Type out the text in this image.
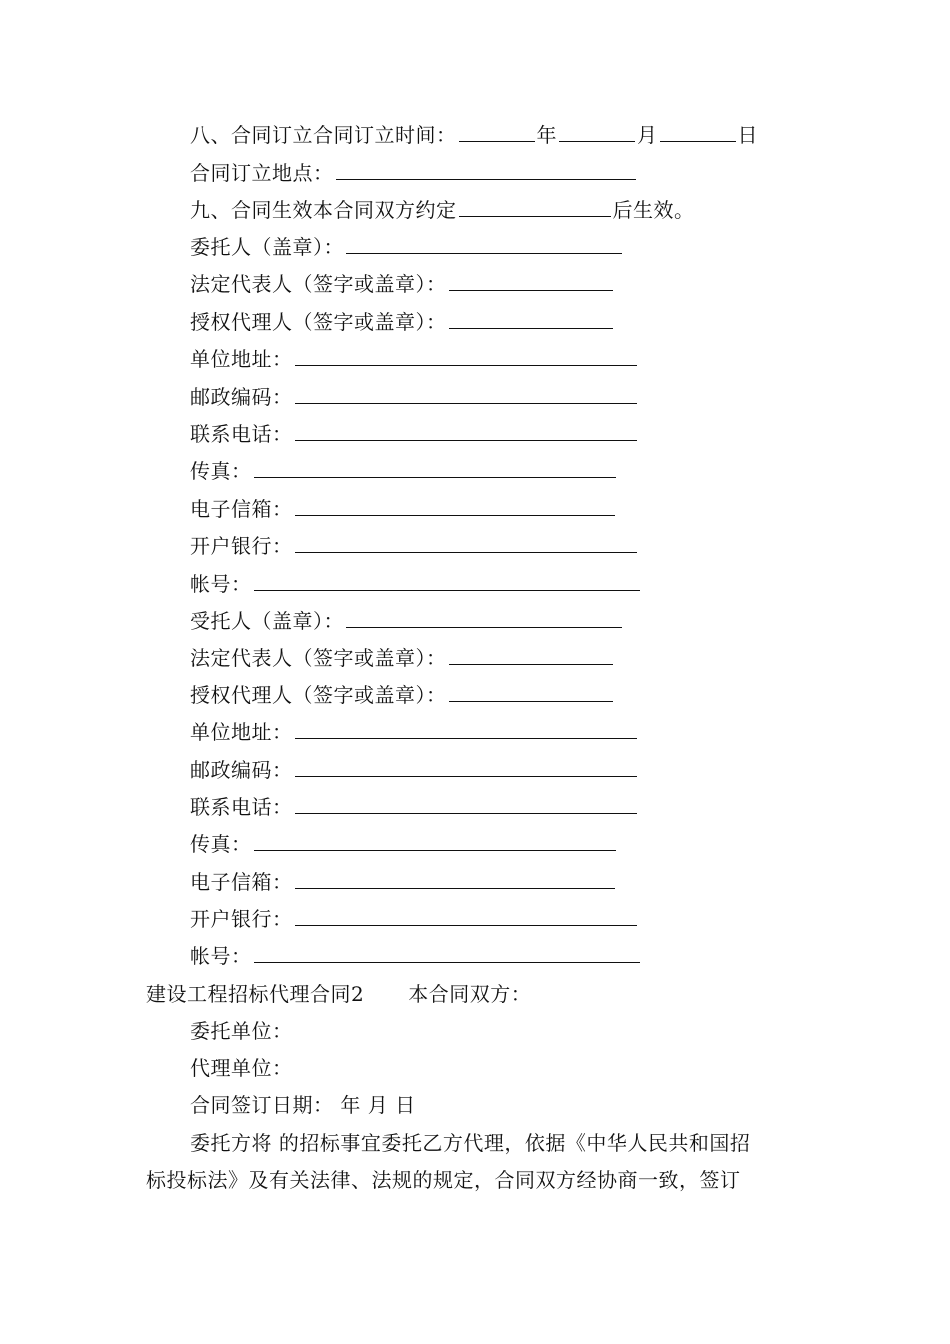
八、合同订立合同订立时间：	年	月	日
合同订立地点：
九、合同生效本合同双方约定	后生效。
委托人（盖章）：
法定代表人（签字或盖章）：
授权代理人（签字或盖章）：
单位地址：
邮政编码：
联系电话：
传真：
电子信箱：
开户银行：
帐号：
受托人（盖章）：
法定代表人（签字或盖章）：
授权代理人（签字或盖章）：
单位地址：
邮政编码：
联系电话：
传真：
电子信箱：
开户银行：
帐号：
建设工程招标代理合同2 本合同双方：
委托单位：
代理单位：
合同签订日期： 年 月 日
委托方将 的招标事宜委托乙方代理，依据《中华人民共和国招
标投标法》及有关法律、法规的规定，合同双方经协商一致，签订
